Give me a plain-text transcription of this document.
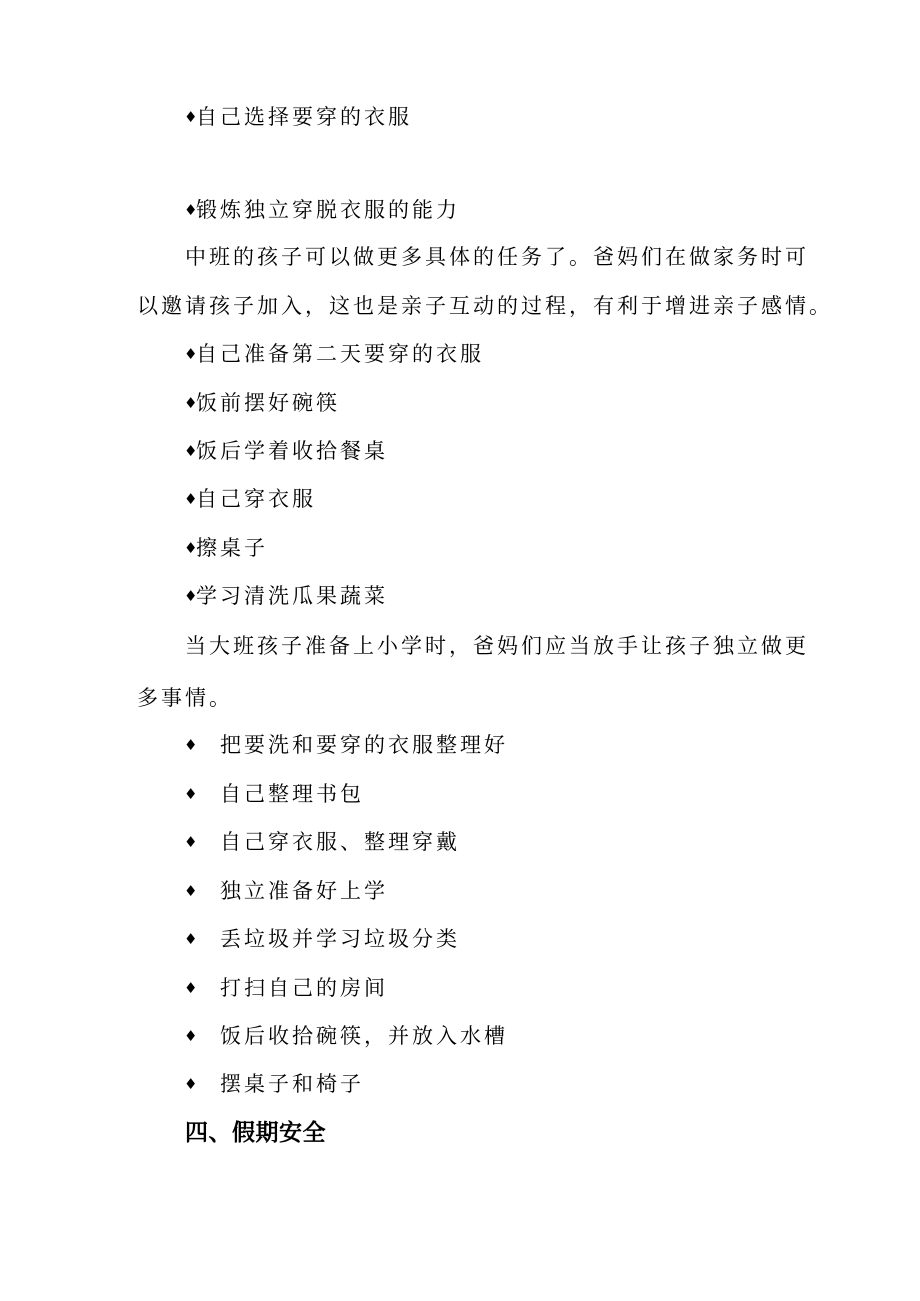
♦自己选择要穿的衣服
♦锻炼独立穿脱衣服的能力
中班的孩子可以做更多具体的任务了。爸妈们在做家务时可
以邀请孩子加入，这也是亲子互动的过程，有利于增进亲子感情。
♦自己准备第二天要穿的衣服
♦饭前摆好碗筷
♦饭后学着收拾餐桌
♦自己穿衣服
♦擦桌子
♦学习清洗瓜果蔬菜
当大班孩子准备上小学时，爸妈们应当放手让孩子独立做更
多事情。
♦ 把要洗和要穿的衣服整理好
♦ 自己整理书包
♦ 自己穿衣服、整理穿戴
♦ 独立准备好上学
♦ 丢垃圾并学习垃圾分类
♦ 打扫自己的房间
♦ 饭后收拾碗筷，并放入水槽
♦ 摆桌子和椅子
四、假期安全
